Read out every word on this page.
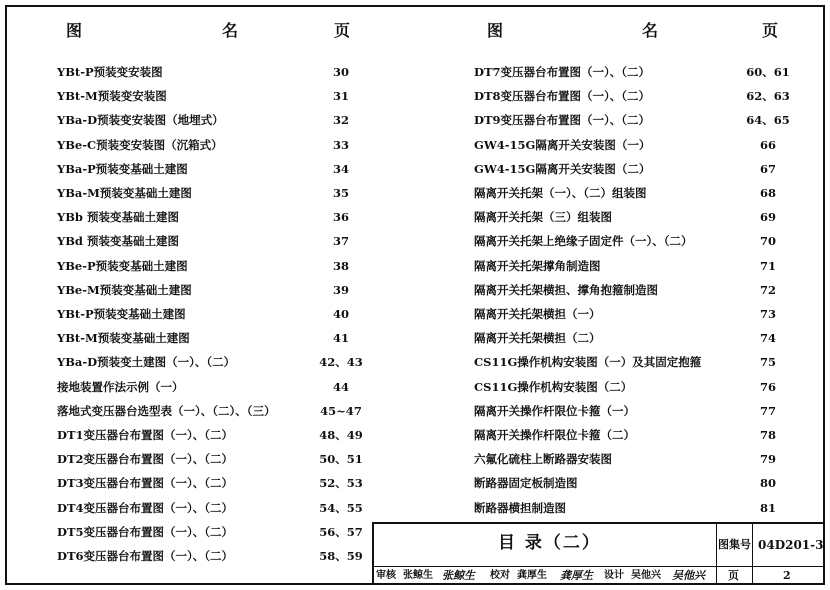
图	名	页	图	名	页
YBt-P预装变安装图	30
YBt-M预装变安装图	31
YBa-D预装变安装图（地埋式）	32
YBe-C预装变安装图（沉箱式）	33
YBa-P预装变基础土建图	34
YBa-M预装变基础土建图	35
YBb 预装变基础土建图	36
YBd 预装变基础土建图	37
YBe-P预装变基础土建图	38
YBe-M预装变基础土建图	39
YBt-P预装变基础土建图	40
YBt-M预装变基础土建图	41
YBa-D预装变土建图（一）、（二）	42、43
接地装置作法示例（一）	44
落地式变压器台选型表（一）、（二）、（三）	45~47
DT1变压器台布置图（一）、（二）	48、49
DT2变压器台布置图（一）、（二）	50、51
DT3变压器台布置图（一）、（二）	52、53
DT4变压器台布置图（一）、（二）	54、55
DT5变压器台布置图（一）、（二）	56、57
DT6变压器台布置图（一）、（二）	58、59
DT7变压器台布置图（一）、（二）	60、61
DT8变压器台布置图（一）、（二）	62、63
DT9变压器台布置图（一）、（二）	64、65
GW4-15G隔离开关安装图（一）	66
GW4-15G隔离开关安装图（二）	67
隔离开关托架（一）、（二）组装图	68
隔离开关托架（三）组装图	69
隔离开关托架上绝缘子固定件（一）、（二）	70
隔离开关托架撑角制造图	71
隔离开关托架横担、撑角抱箍制造图	72
隔离开关托架横担（一）	73
隔离开关托架横担（二）	74
CS11G操作机构安装图（一）及其固定抱箍	75
CS11G操作机构安装图（二）	76
隔离开关操作杆限位卡箍（一）	77
隔离开关操作杆限位卡箍（二）	78
六氟化硫柱上断路器安装图	79
断路器固定板制造图	80
断路器横担制造图	81
目 录（二）	图集号 04D201-3
页	2
审核 张鲸生 张鲸生 校对 龚厚生 龚厚生 设计 吴他兴 吴他兴
